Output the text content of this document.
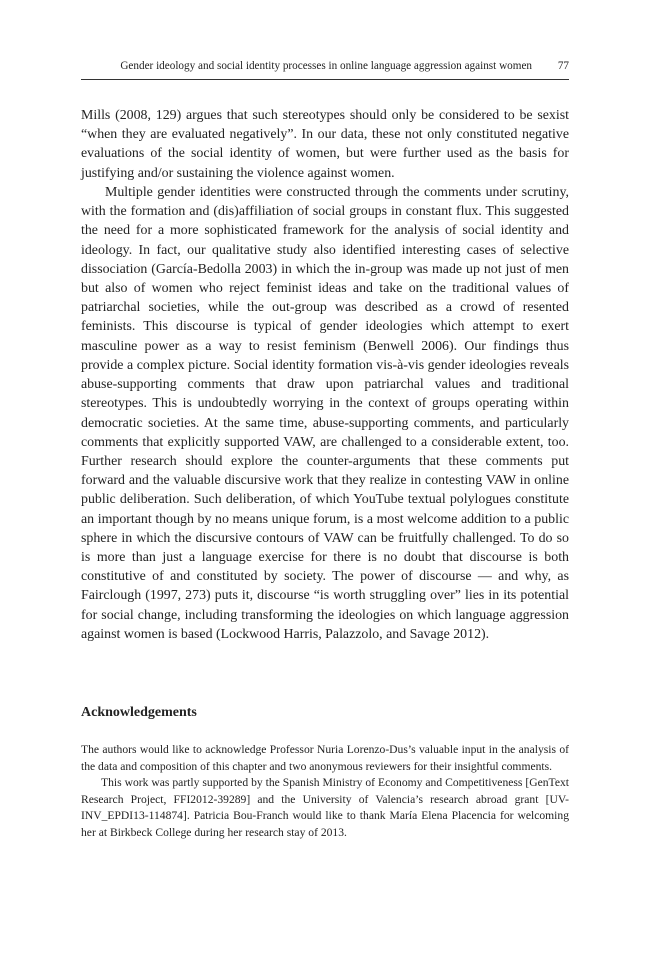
Gender ideology and social identity processes in online language aggression against women 77

Mills (2008, 129) argues that such stereotypes should only be considered to be sexist “when they are evaluated negatively”. In our data, these not only constituted negative evaluations of the social identity of women, but were further used as the basis for justifying and/or sustaining the violence against women.

Multiple gender identities were constructed through the comments under scrutiny, with the formation and (dis)affiliation of social groups in constant flux. This suggested the need for a more sophisticated framework for the analysis of social identity and ideology. In fact, our qualitative study also identified interesting cases of selective dissociation (García-Bedolla 2003) in which the in-group was made up not just of men but also of women who reject feminist ideas and take on the traditional values of patriarchal societies, while the out-group was described as a crowd of resented feminists. This discourse is typical of gender ideologies which attempt to exert masculine power as a way to resist feminism (Benwell 2006). Our findings thus provide a complex picture. Social identity formation vis-à-vis gender ideologies reveals abuse-supporting comments that draw upon patriarchal values and traditional stereotypes. This is undoubtedly worrying in the context of groups operating within democratic societies. At the same time, abuse-supporting comments, and particularly comments that explicitly supported VAW, are challenged to a considerable extent, too. Further research should explore the counter-arguments that these comments put forward and the valuable discursive work that they realize in contesting VAW in online public deliberation. Such deliberation, of which YouTube textual polylogues constitute an important though by no means unique forum, is a most welcome addition to a public sphere in which the discursive contours of VAW can be fruitfully challenged. To do so is more than just a language exercise for there is no doubt that discourse is both constitutive of and constituted by society. The power of discourse — and why, as Fairclough (1997, 273) puts it, discourse “is worth struggling over” lies in its potential for social change, including transforming the ideologies on which language aggression against women is based (Lockwood Harris, Palazzolo, and Savage 2012).

Acknowledgements

The authors would like to acknowledge Professor Nuria Lorenzo-Dus’s valuable input in the analysis of the data and composition of this chapter and two anonymous reviewers for their insightful comments.

This work was partly supported by the Spanish Ministry of Economy and Competitiveness [GenText Research Project, FFI2012-39289] and the University of Valencia’s research abroad grant [UV-INV_EPDI13-114874]. Patricia Bou-Franch would like to thank María Elena Placencia for welcoming her at Birkbeck College during her research stay of 2013.
